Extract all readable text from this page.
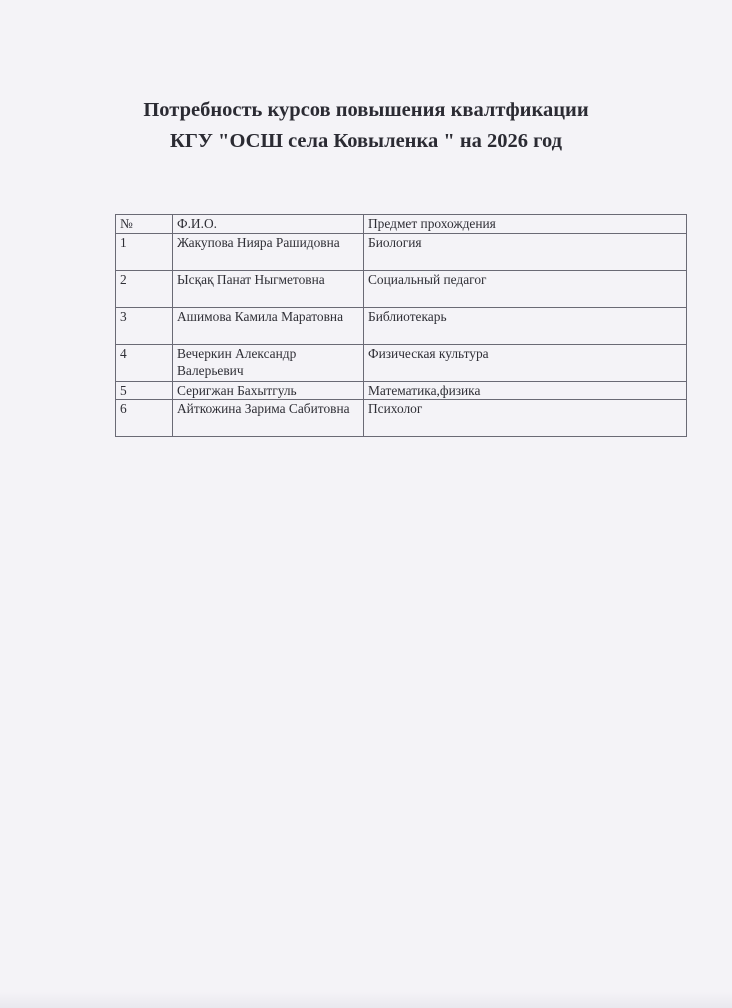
Потребность курсов повышения квалтфикации
КГУ "ОСШ села Ковыленка " на 2026 год
№	Ф.И.О.	Предмет прохождения
1	Жакупова Нияра Рашидовна	Биология
2	Ысқақ Панат Ныгметовна	Социальный педагог
3	Ашимова Камила Маратовна	Библиотекарь
4	Вечеркин Александр Валерьевич	Физическая культура
5	Серигжан Бахытгуль	Математика,физика
6	Айткожина Зарима Сабитовна	Психолог
